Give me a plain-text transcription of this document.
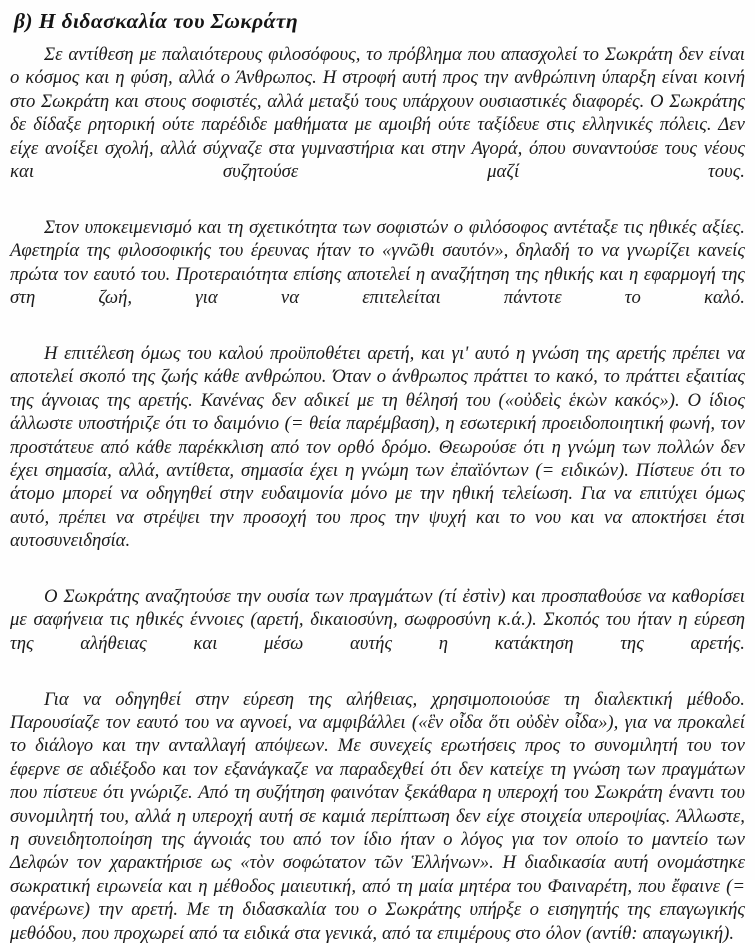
β) Η διδασκαλία του Σωκράτη

Σε αντίθεση με παλαιότερους φιλοσόφους, το πρόβλημα που απασχολεί το Σωκράτη δεν είναι ο κόσμος και η φύση, αλλά ο Άνθρωπος. Η στροφή αυτή προς την ανθρώπινη ύπαρξη είναι κοινή στο Σωκράτη και στους σοφιστές, αλλά μεταξύ τους υπάρχουν ουσιαστικές διαφορές. Ο Σωκράτης δε δίδαξε ρητορική ούτε παρέδιδε μαθήματα με αμοιβή ούτε ταξίδευε στις ελληνικές πόλεις. Δεν είχε ανοίξει σχολή, αλλά σύχναζε στα γυμναστήρια και στην Αγορά, όπου συναντούσε τους νέους και συζητούσε μαζί τους.

Στον υποκειμενισμό και τη σχετικότητα των σοφιστών ο φιλόσοφος αντέταξε τις ηθικές αξίες. Αφετηρία της φιλοσοφικής του έρευνας ήταν το «γνῶθι σαυτόν», δηλαδή το να γνωρίζει κανείς πρώτα τον εαυτό του. Προτεραιότητα επίσης αποτελεί η αναζήτηση της ηθικής και η εφαρμογή της στη ζωή, για να επιτελείται πάντοτε το καλό.

Η επιτέλεση όμως του καλού προϋποθέτει αρετή, και γι' αυτό η γνώση της αρετής πρέπει να αποτελεί σκοπό της ζωής κάθε ανθρώπου. Όταν ο άνθρωπος πράττει το κακό, το πράττει εξαιτίας της άγνοιας της αρετής. Κανένας δεν αδικεί με τη θέλησή του («οὐδεὶς ἑκὼν κακός»). Ο ίδιος άλλωστε υποστήριζε ότι το δαιμόνιο (= θεία παρέμβαση), η εσωτερική προειδοποιητική φωνή, τον προστάτευε από κάθε παρέκκλιση από τον ορθό δρόμο. Θεωρούσε ότι η γνώμη των πολλών δεν έχει σημασία, αλλά, αντίθετα, σημασία έχει η γνώμη των ἐπαϊόντων (= ειδικών). Πίστευε ότι το άτομο μπορεί να οδηγηθεί στην ευδαιμονία μόνο με την ηθική τελείωση. Για να επιτύχει όμως αυτό, πρέπει να στρέψει την προσοχή του προς την ψυχή και το νου και να αποκτήσει έτσι αυτοσυνειδησία.

Ο Σωκράτης αναζητούσε την ουσία των πραγμάτων (τί ἐστὶν) και προσπαθούσε να καθορίσει με σαφήνεια τις ηθικές έννοιες (αρετή, δικαιοσύνη, σωφροσύνη κ.ά.). Σκοπός του ήταν η εύρεση της αλήθειας και μέσω αυτής η κατάκτηση της αρετής.

Για να οδηγηθεί στην εύρεση της αλήθειας, χρησιμοποιούσε τη διαλεκτική μέθοδο. Παρουσίαζε τον εαυτό του να αγνοεί, να αμφιβάλλει («ἓν οἶδα ὅτι οὐδὲν οἶδα»), για να προκαλεί το διάλογο και την ανταλλαγή απόψεων. Με συνεχείς ερωτήσεις προς το συνομιλητή του τον έφερνε σε αδιέξοδο και τον εξανάγκαζε να παραδεχθεί ότι δεν κατείχε τη γνώση των πραγμάτων που πίστευε ότι γνώριζε. Από τη συζήτηση φαινόταν ξεκάθαρα η υπεροχή του Σωκράτη έναντι του συνομιλητή του, αλλά η υπεροχή αυτή σε καμιά περίπτωση δεν είχε στοιχεία υπεροψίας. Άλλωστε, η συνειδητοποίηση της άγνοιάς του από τον ίδιο ήταν ο λόγος για τον οποίο το μαντείο των Δελφών τον χαρακτήρισε ως «τὸν σοφώτατον τῶν Ἑλλήνων». Η διαδικασία αυτή ονομάστηκε σωκρατική ειρωνεία και η μέθοδος μαιευτική, από τη μαία μητέρα του Φαιναρέτη, που ἔφαινε (= φανέρωνε) την αρετή. Με τη διδασκαλία του ο Σωκράτης υπήρξε ο εισηγητής της επαγωγικής μεθόδου, που προχωρεί από τα ειδικά στα γενικά, από τα επιμέρους στο όλον (αντίθ: απαγωγική).
